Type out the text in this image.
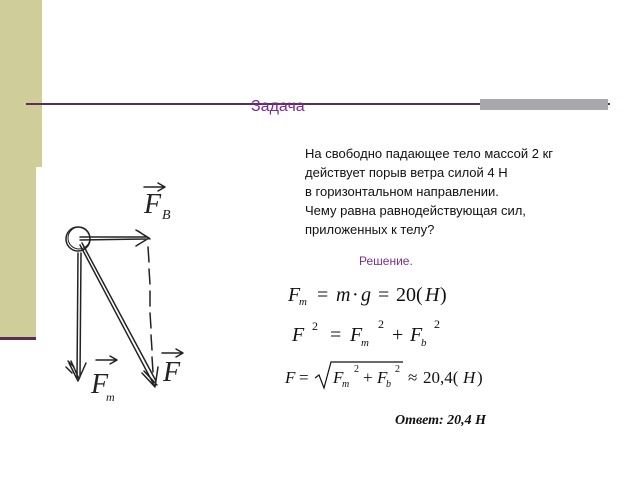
Задача
На свободно падающее тело массой 2 кг
действует порыв ветра силой 4 Н
в горизонтальном направлении.
Чему равна равнодействующая сил,
приложенных к телу?
Решение.
F B
F
m
F
F
m = m · g = 20( H )
F 2 = F
m
2 + F
b
2
F = F
m
2 + F
b
2 ≈ 20,4( H )
Ответ: 20,4 Н
